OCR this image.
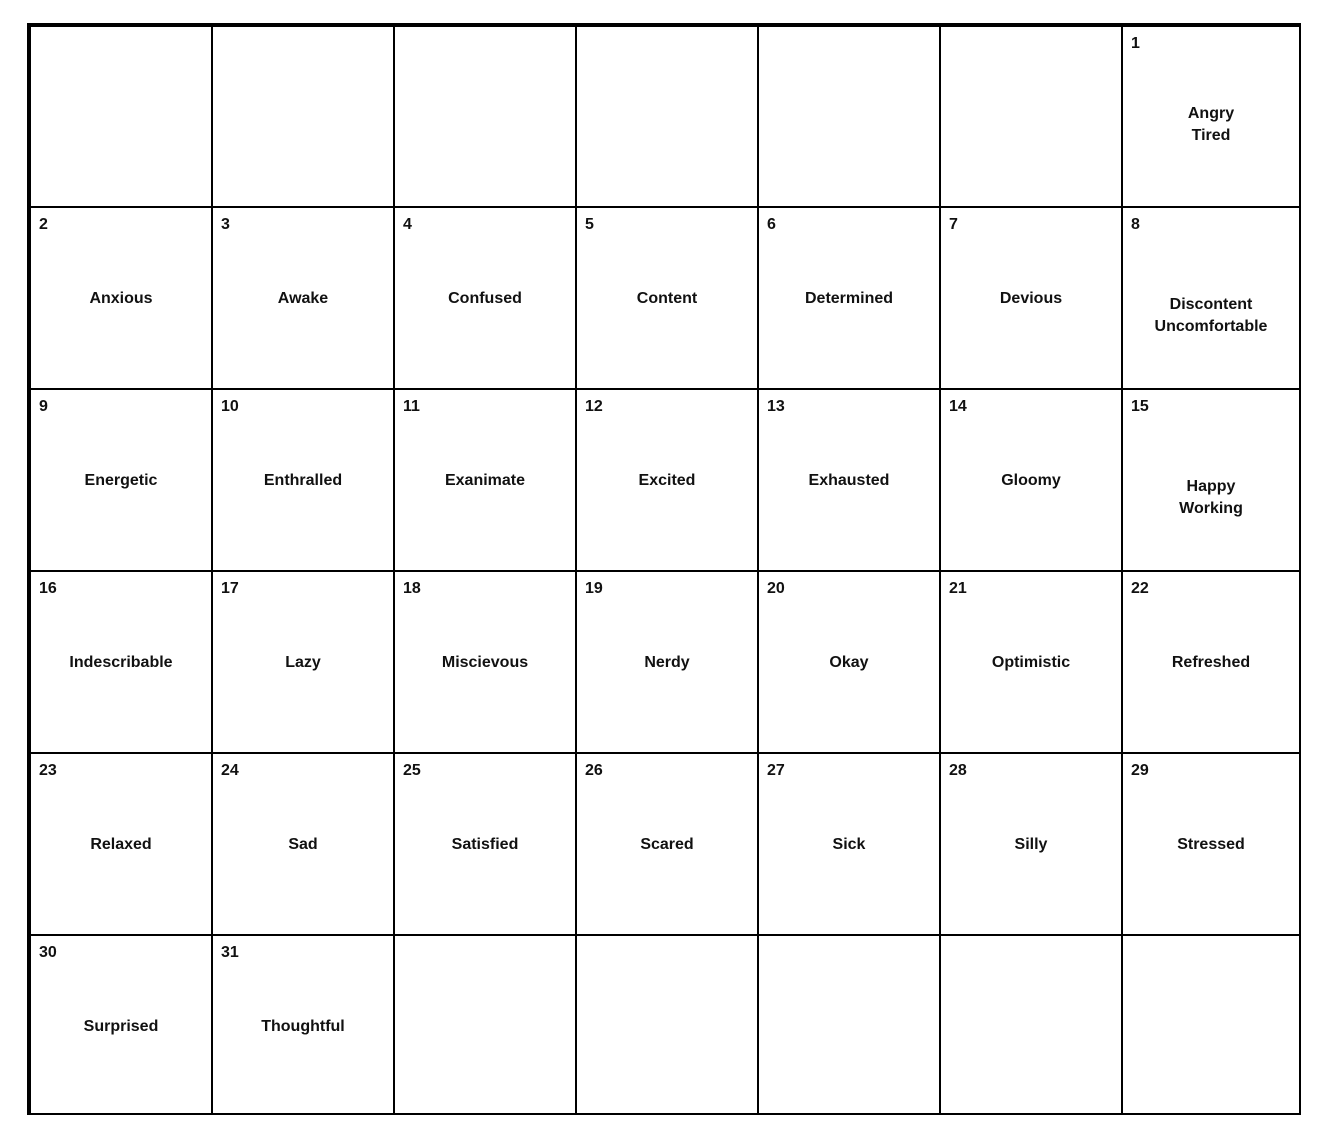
1
Angry
Tired
2
Anxious
3
Awake
4
Confused
5
Content
6
Determined
7
Devious
8
Discontent
Uncomfortable
9
Energetic
10
Enthralled
11
Exanimate
12
Excited
13
Exhausted
14
Gloomy
15
Happy
Working
16
Indescribable
17
Lazy
18
Miscievous
19
Nerdy
20
Okay
21
Optimistic
22
Refreshed
23
Relaxed
24
Sad
25
Satisfied
26
Scared
27
Sick
28
Silly
29
Stressed
30
Surprised
31
Thoughtful
